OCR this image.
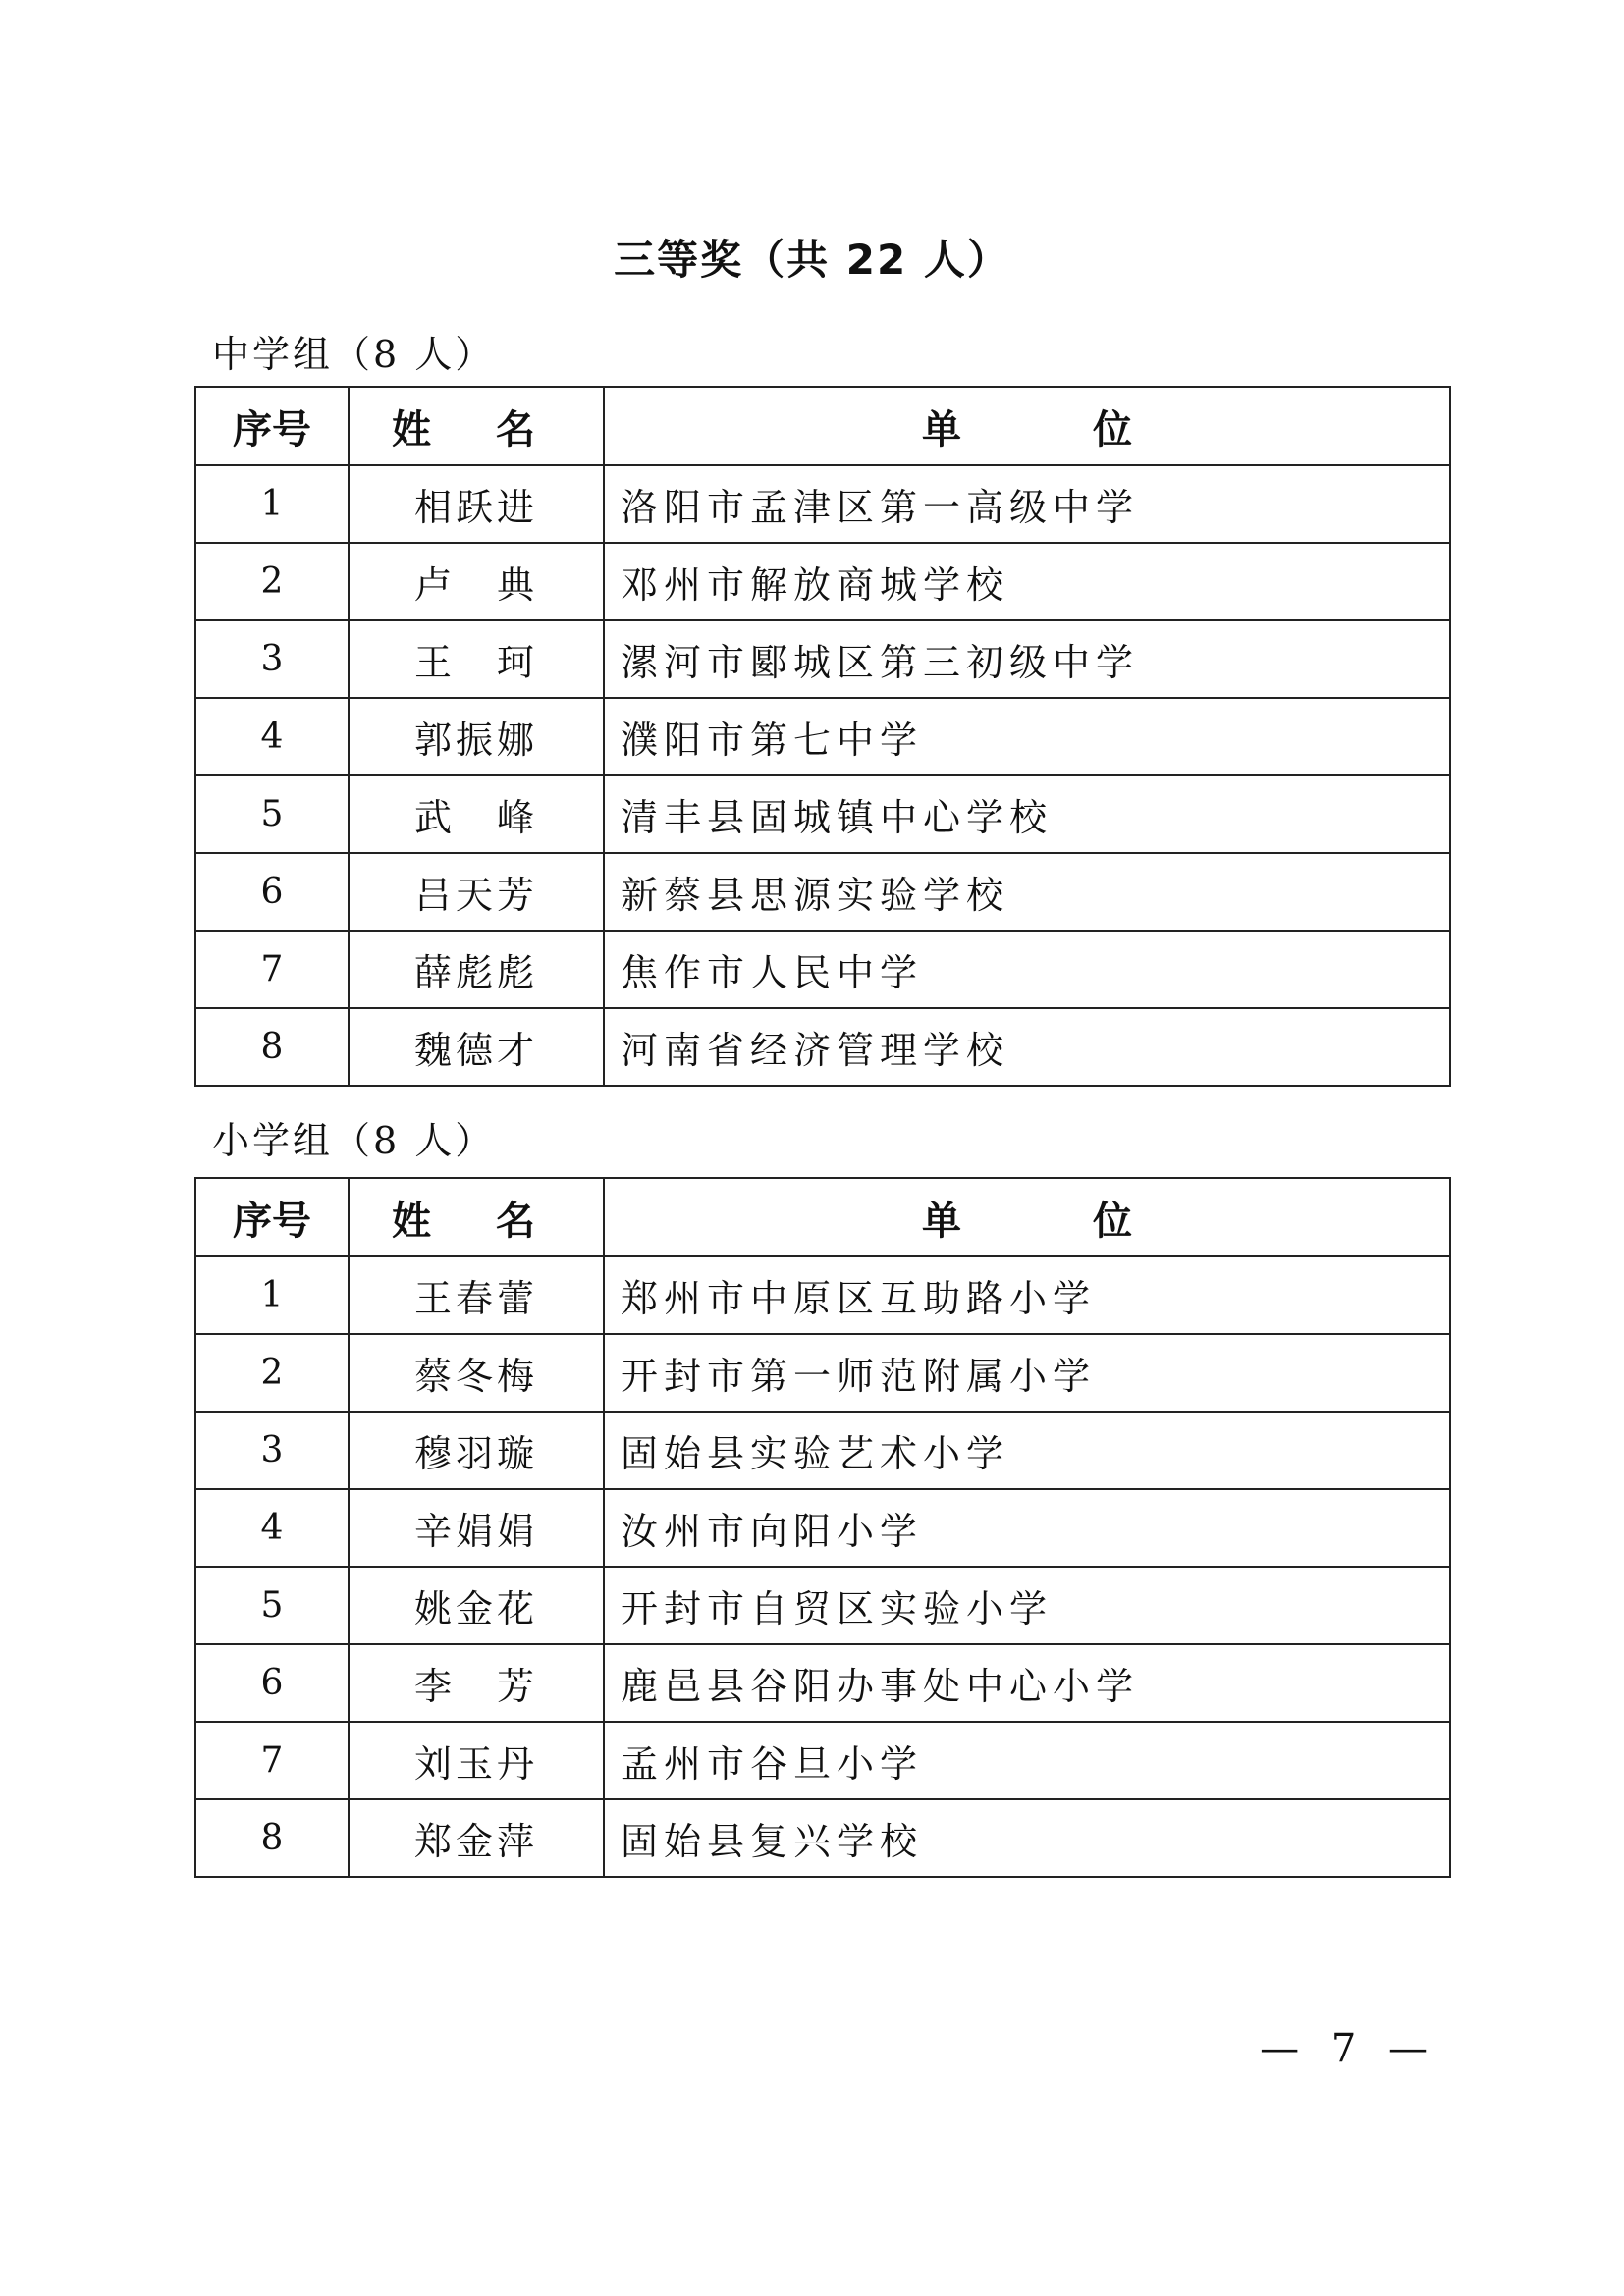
三等奖（共 22 人）

中学组（8 人）

序号	姓 名	单 位
1	相跃进	洛阳市孟津区第一高级中学
2	卢　典	邓州市解放商城学校
3	王　珂	漯河市郾城区第三初级中学
4	郭振娜	濮阳市第七中学
5	武　峰	清丰县固城镇中心学校
6	吕天芳	新蔡县思源实验学校
7	薛彪彪	焦作市人民中学
8	魏德才	河南省经济管理学校

小学组（8 人）

序号	姓 名	单 位
1	王春蕾	郑州市中原区互助路小学
2	蔡冬梅	开封市第一师范附属小学
3	穆羽璇	固始县实验艺术小学
4	辛娟娟	汝州市向阳小学
5	姚金花	开封市自贸区实验小学
6	李　芳	鹿邑县谷阳办事处中心小学
7	刘玉丹	孟州市谷旦小学
8	郑金萍	固始县复兴学校

— 7 —
